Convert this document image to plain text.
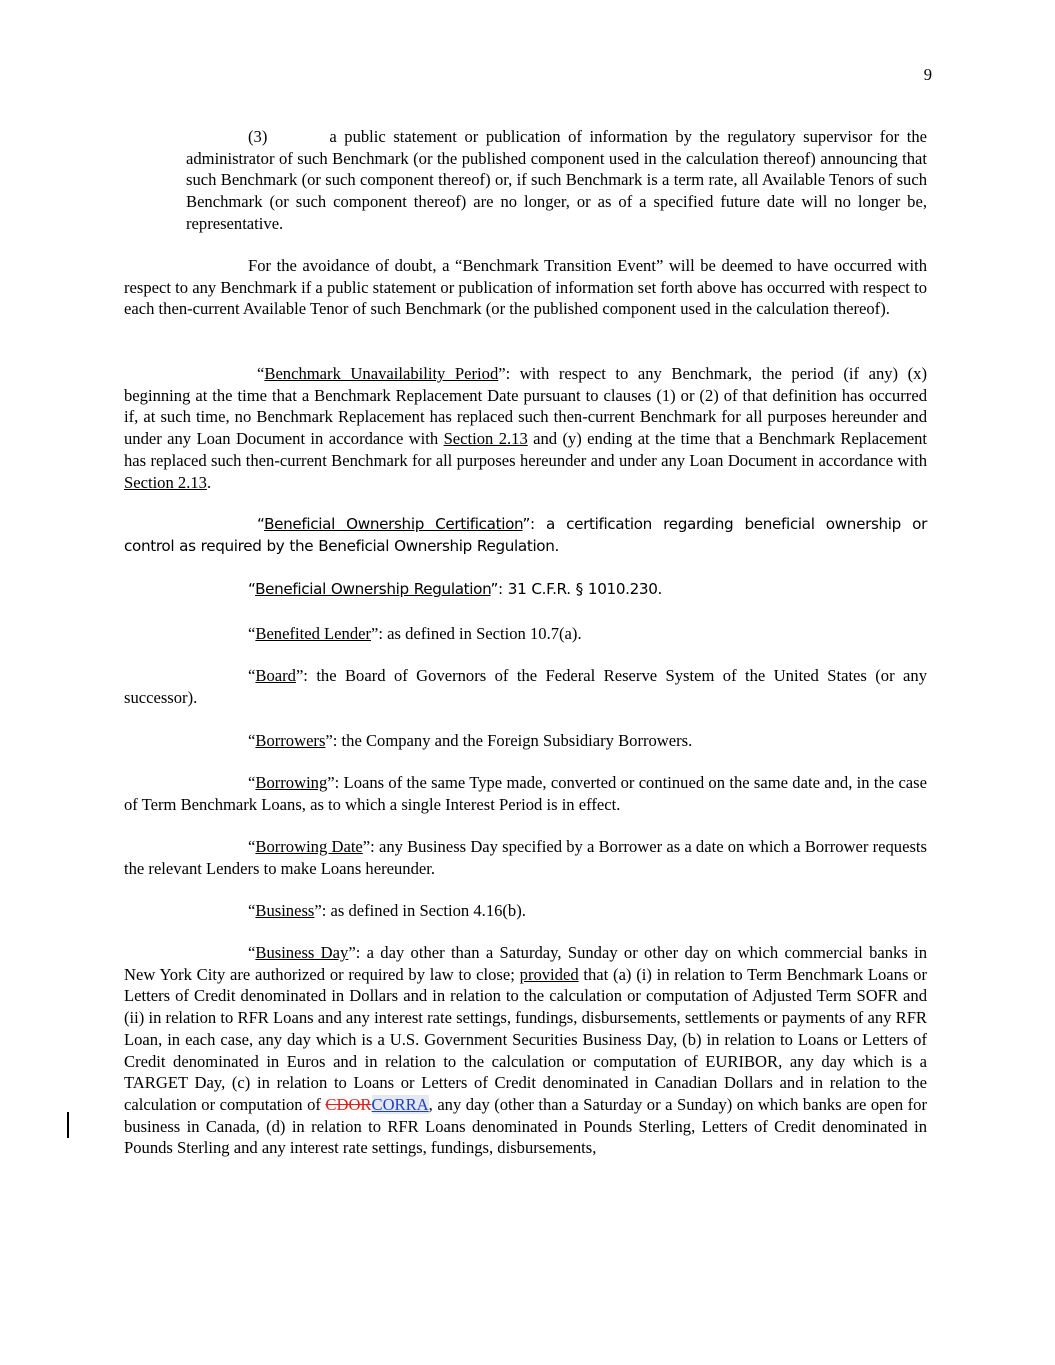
9

(3)	a public statement or publication of information by the regulatory supervisor for the administrator of such Benchmark (or the published component used in the calculation thereof) announcing that such Benchmark (or such component thereof) or, if such Benchmark is a term rate, all Available Tenors of such Benchmark (or such component thereof) are no longer, or as of a specified future date will no longer be, representative.

For the avoidance of doubt, a “Benchmark Transition Event” will be deemed to have occurred with respect to any Benchmark if a public statement or publication of information set forth above has occurred with respect to each then-current Available Tenor of such Benchmark (or the published component used in the calculation thereof).

“Benchmark Unavailability Period”: with respect to any Benchmark, the period (if any) (x) beginning at the time that a Benchmark Replacement Date pursuant to clauses (1) or (2) of that definition has occurred if, at such time, no Benchmark Replacement has replaced such then-current Benchmark for all purposes hereunder and under any Loan Document in accordance with Section 2.13 and (y) ending at the time that a Benchmark Replacement has replaced such then-current Benchmark for all purposes hereunder and under any Loan Document in accordance with Section 2.13.

“Beneficial Ownership Certification”: a certification regarding beneficial ownership or control as required by the Beneficial Ownership Regulation.

“Beneficial Ownership Regulation”: 31 C.F.R. § 1010.230.

“Benefited Lender”: as defined in Section 10.7(a).

“Board”: the Board of Governors of the Federal Reserve System of the United States (or any successor).

“Borrowers”: the Company and the Foreign Subsidiary Borrowers.

“Borrowing”: Loans of the same Type made, converted or continued on the same date and, in the case of Term Benchmark Loans, as to which a single Interest Period is in effect.

“Borrowing Date”: any Business Day specified by a Borrower as a date on which a Borrower requests the relevant Lenders to make Loans hereunder.

“Business”: as defined in Section 4.16(b).

“Business Day”: a day other than a Saturday, Sunday or other day on which commercial banks in New York City are authorized or required by law to close; provided that (a) (i) in relation to Term Benchmark Loans or Letters of Credit denominated in Dollars and in relation to the calculation or computation of Adjusted Term SOFR and (ii) in relation to RFR Loans and any interest rate settings, fundings, disbursements, settlements or payments of any RFR Loan, in each case, any day which is a U.S. Government Securities Business Day, (b) in relation to Loans or Letters of Credit denominated in Euros and in relation to the calculation or computation of EURIBOR, any day which is a TARGET Day, (c) in relation to Loans or Letters of Credit denominated in Canadian Dollars and in relation to the calculation or computation of CDORCORRA, any day (other than a Saturday or a Sunday) on which banks are open for business in Canada, (d) in relation to RFR Loans denominated in Pounds Sterling, Letters of Credit denominated in Pounds Sterling and any interest rate settings, fundings, disbursements,
